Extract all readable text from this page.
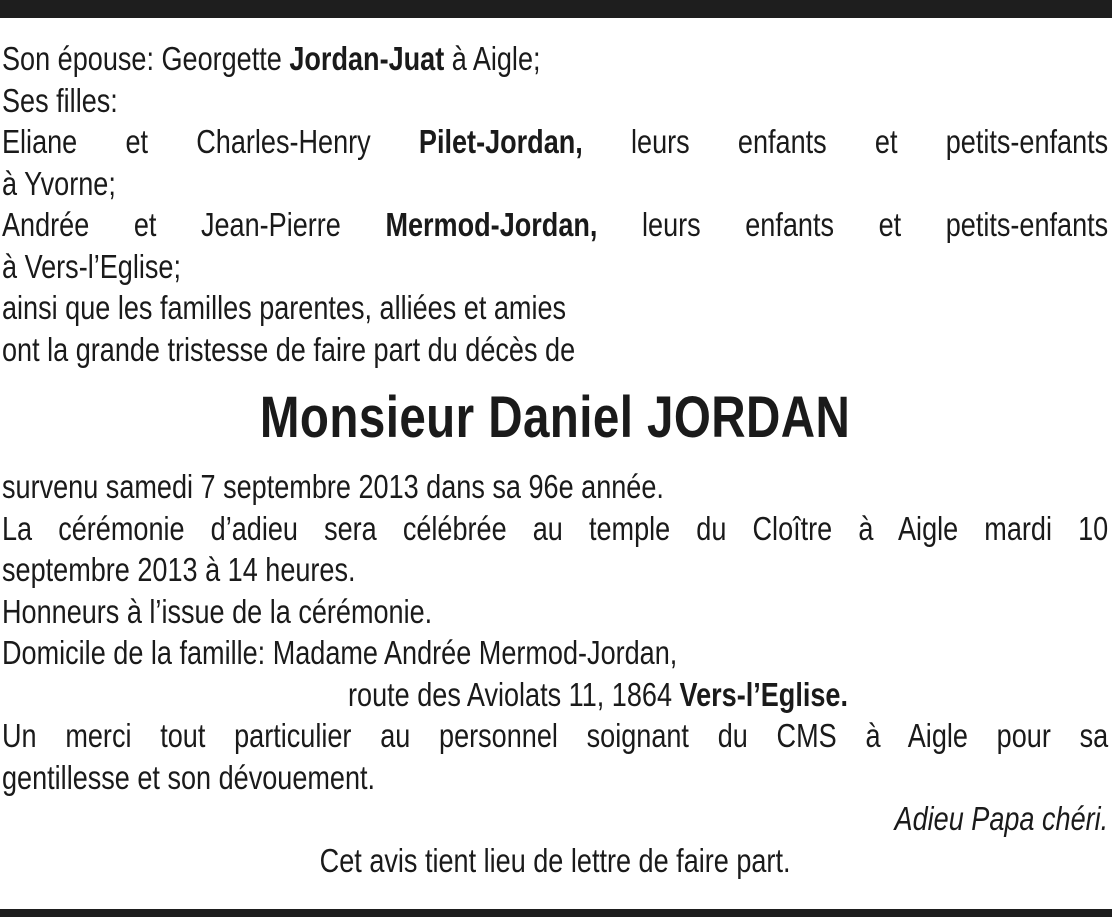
Son épouse: Georgette Jordan-Juat à Aigle;
Ses filles:
Eliane et Charles-Henry Pilet-Jordan, leurs enfants et petits-enfants
à Yvorne;
Andrée et Jean-Pierre Mermod-Jordan, leurs enfants et petits-enfants
à Vers-l’Eglise;
ainsi que les familles parentes, alliées et amies
ont la grande tristesse de faire part du décès de
Monsieur Daniel JORDAN
survenu samedi 7 septembre 2013 dans sa 96e année.
La cérémonie d’adieu sera célébrée au temple du Cloître à Aigle mardi 10
septembre 2013 à 14 heures.
Honneurs à l’issue de la cérémonie.
Domicile de la famille: Madame Andrée Mermod-Jordan,
route des Aviolats 11, 1864 Vers-l’Eglise.
Un merci tout particulier au personnel soignant du CMS à Aigle pour sa
gentillesse et son dévouement.
Adieu Papa chéri.
Cet avis tient lieu de lettre de faire part.
